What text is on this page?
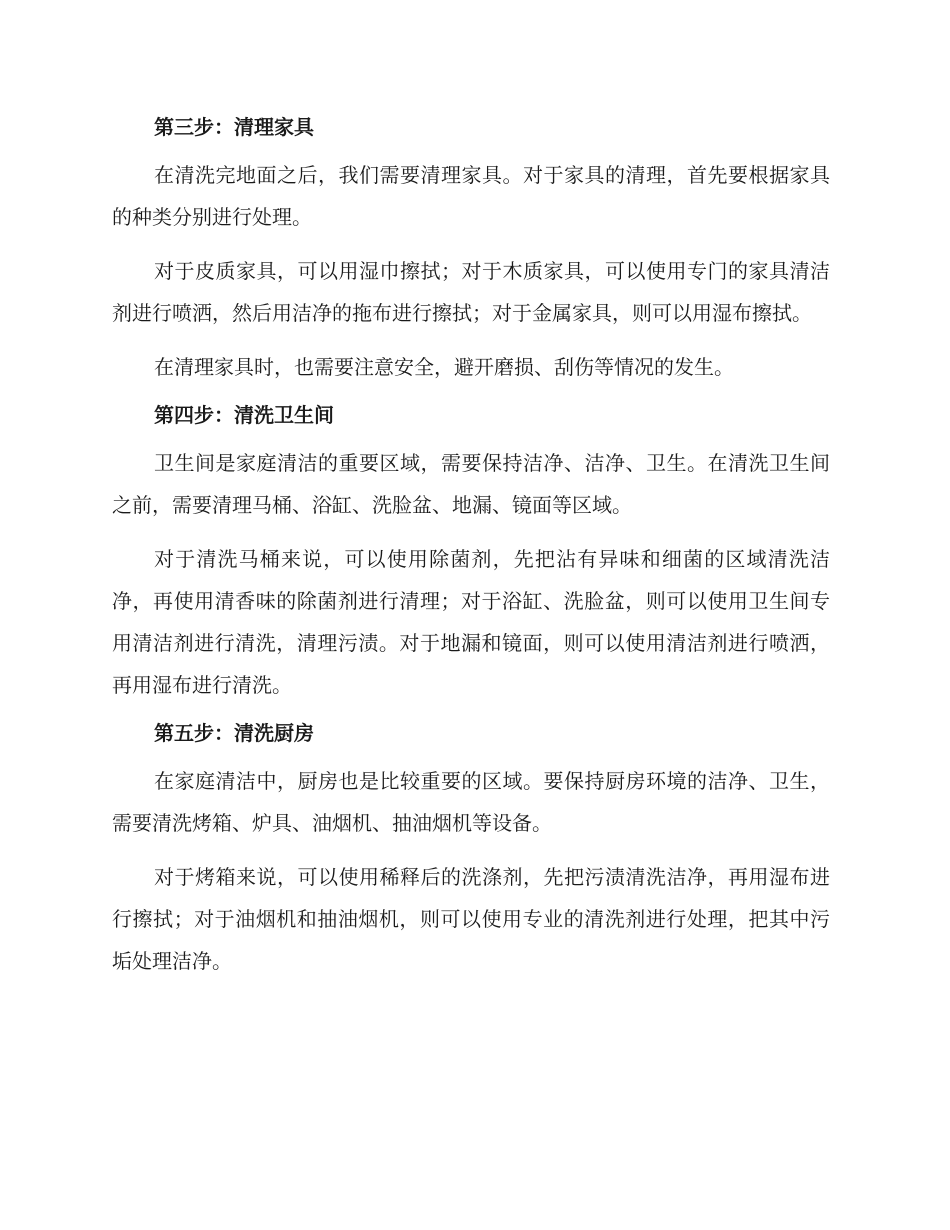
第三步：清理家具

在清洗完地面之后，我们需要清理家具。对于家具的清理，首先要根据家具的种类分别进行处理。

对于皮质家具，可以用湿巾擦拭；对于木质家具，可以使用专门的家具清洁剂进行喷洒，然后用洁净的拖布进行擦拭；对于金属家具，则可以用湿布擦拭。

在清理家具时，也需要注意安全，避开磨损、刮伤等情况的发生。

第四步：清洗卫生间

卫生间是家庭清洁的重要区域，需要保持洁净、洁净、卫生。在清洗卫生间之前，需要清理马桶、浴缸、洗脸盆、地漏、镜面等区域。

对于清洗马桶来说，可以使用除菌剂，先把沾有异味和细菌的区域清洗洁净，再使用清香味的除菌剂进行清理；对于浴缸、洗脸盆，则可以使用卫生间专用清洁剂进行清洗，清理污渍。对于地漏和镜面，则可以使用清洁剂进行喷洒，再用湿布进行清洗。

第五步：清洗厨房

在家庭清洁中，厨房也是比较重要的区域。要保持厨房环境的洁净、卫生，需要清洗烤箱、炉具、油烟机、抽油烟机等设备。

对于烤箱来说，可以使用稀释后的洗涤剂，先把污渍清洗洁净，再用湿布进行擦拭；对于油烟机和抽油烟机，则可以使用专业的清洗剂进行处理，把其中污垢处理洁净。
